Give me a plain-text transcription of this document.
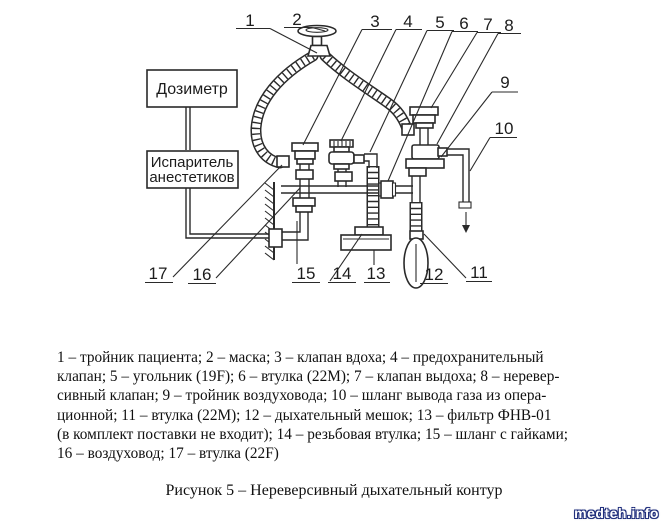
Дозиметр
Испаритель
анестетиков
1 2	3 4 5 6 7 8
9
10
11
12
13
14
15
16
17
1 – тройник пациента; 2 – маска; 3 – клапан вдоха; 4 – предохранительный
клапан; 5 – угольник (19F); 6 – втулка (22M); 7 – клапан выдоха; 8 – неревер-
сивный клапан; 9 – тройник воздуховода; 10 – шланг вывода газа из опера-
ционной; 11 – втулка (22M); 12 – дыхательный мешок; 13 – фильтр ФНВ-01
(в комплект поставки не входит); 14 – резьбовая втулка; 15 – шланг с гайками;
16 – воздуховод; 17 – втулка (22F)
Рисунок 5 – Нереверсивный дыхательный контур
medteh.info
